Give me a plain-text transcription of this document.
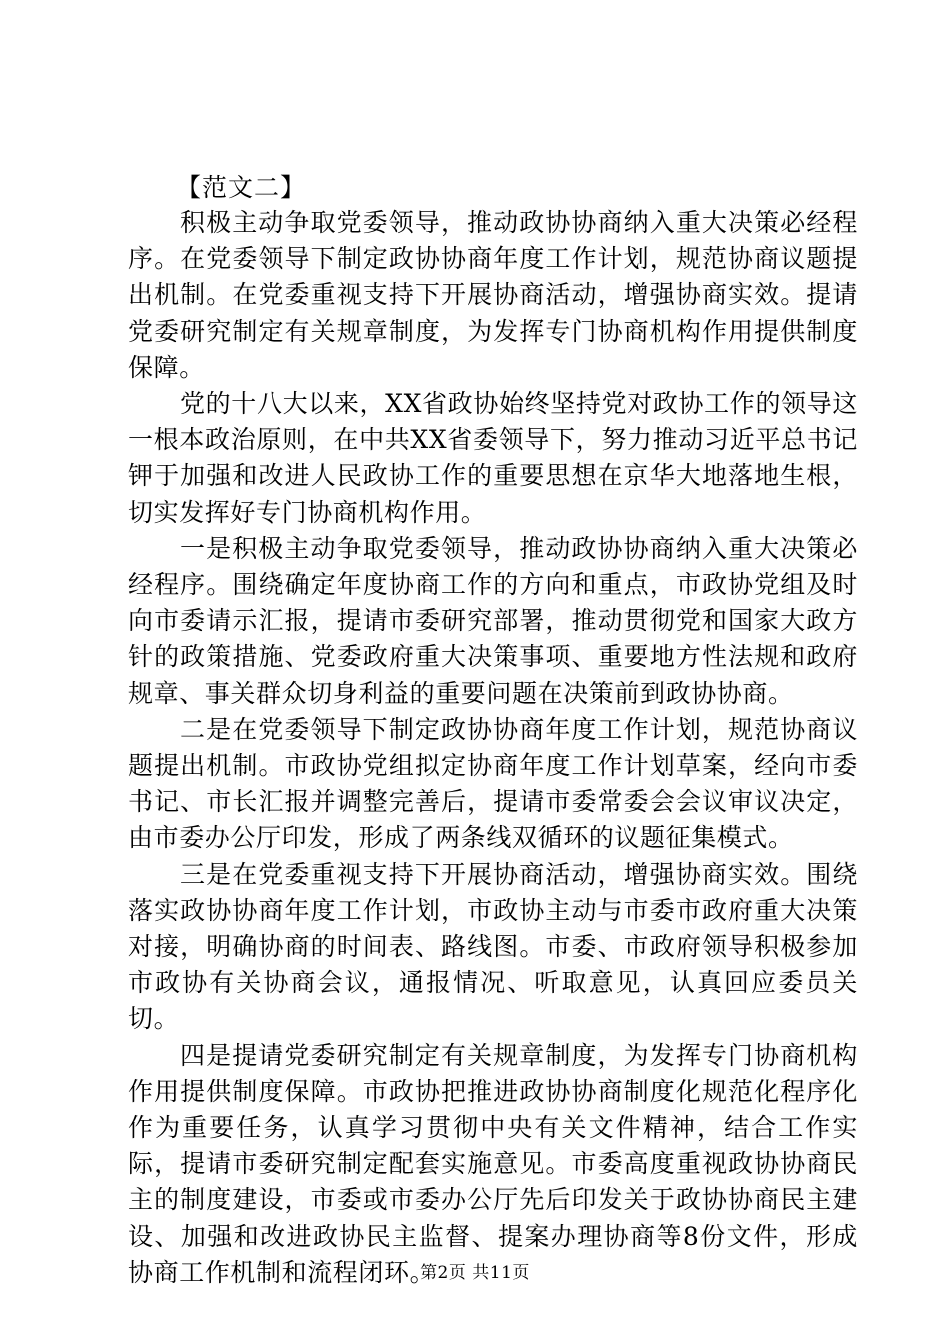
【范文二】

积极主动争取党委领导，推动政协协商纳入重大决策必经程序。在党委领导下制定政协协商年度工作计划，规范协商议题提出机制。在党委重视支持下开展协商活动，增强协商实效。提请党委研究制定有关规章制度，为发挥专门协商机构作用提供制度保障。

党的十八大以来，XX省政协始终坚持党对政协工作的领导这一根本政治原则，在中共XX省委领导下，努力推动习近平总书记钾于加强和改进人民政协工作的重要思想在京华大地落地生根，切实发挥好专门协商机构作用。

一是积极主动争取党委领导，推动政协协商纳入重大决策必经程序。围绕确定年度协商工作的方向和重点，市政协党组及时向市委请示汇报，提请市委研究部署，推动贯彻党和国家大政方针的政策措施、党委政府重大决策事项、重要地方性法规和政府规章、事关群众切身利益的重要问题在决策前到政协协商。

二是在党委领导下制定政协协商年度工作计划，规范协商议题提出机制。市政协党组拟定协商年度工作计划草案，经向市委书记、市长汇报并调整完善后，提请市委常委会会议审议决定，由市委办公厅印发，形成了两条线双循环的议题征集模式。

三是在党委重视支持下开展协商活动，增强协商实效。围绕落实政协协商年度工作计划，市政协主动与市委市政府重大决策对接，明确协商的时间表、路线图。市委、市政府领导积极参加市政协有关协商会议，通报情况、听取意见，认真回应委员关切。

四是提请党委研究制定有关规章制度，为发挥专门协商机构作用提供制度保障。市政协把推进政协协商制度化规范化程序化作为重要任务，认真学习贯彻中央有关文件精神，结合工作实际，提请市委研究制定配套实施意见。市委高度重视政协协商民主的制度建设，市委或市委办公厅先后印发关于政协协商民主建设、加强和改进政协民主监督、提案办理协商等8份文件，形成协商工作机制和流程闭环。

第2页 共11页
